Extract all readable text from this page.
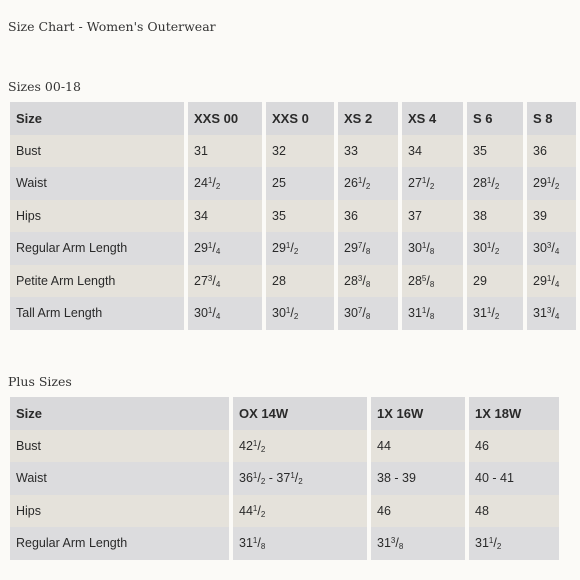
Size Chart - Women's Outerwear
Sizes 00-18
Size	XXS 00	XXS 0	XS 2	XS 4	S 6	S 8
Bust	31	32	33	34	35	36
Waist	$24^1/_2$	25	$26^1/_2$	$27^1/_2$	$28^1/_2$	$29^1/_2$
Hips	34	35	36	37	38	39
Regular Arm Length	$29^1/_4$	$29^1/_2$	$29^7/_8$	$30^1/_8$	$30^1/_2$	$30^3/_4$
Petite Arm Length	$27^3/_4$	28	$28^3/_8$	$28^5/_8$	29	$29^1/_4$
Tall Arm Length	$30^1/_4$	$30^1/_2$	$30^7/_8$	$31^1/_8$	$31^1/_2$	$31^3/_4$
Plus Sizes
Size	OX 14W	1X 16W	1X 18W
Bust	$42^1/_2$	44	46
Waist	$36^1/_2 - 37^1/_2$	38 - 39	40 - 41
Hips	$44^1/_2$	46	48
Regular Arm Length	$31^1/_8$	$31^3/_8$	$31^1/_2$
